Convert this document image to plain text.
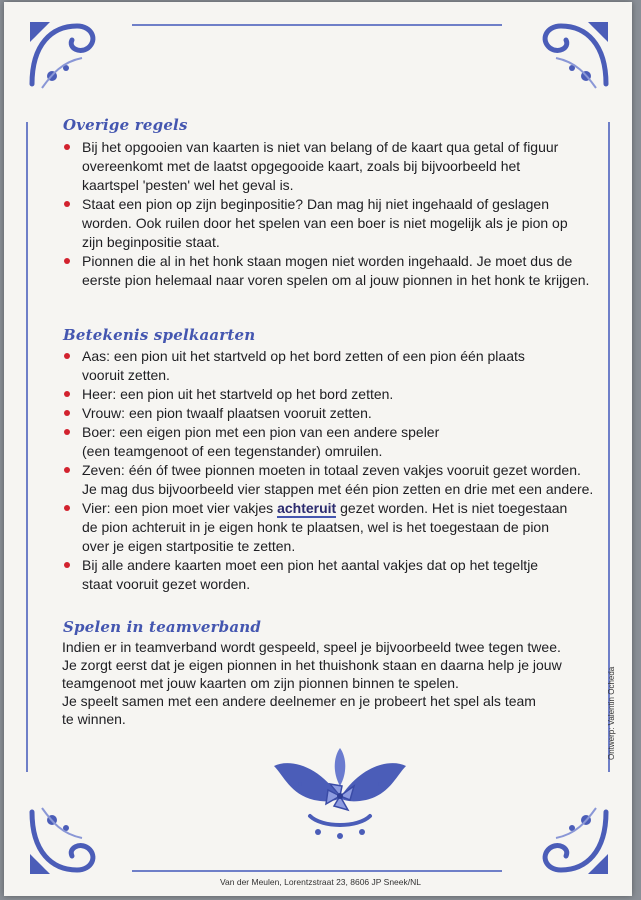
Overige regels
Bij het opgooien van kaarten is niet van belang of de kaart qua getal of figuur
overeenkomt met de laatst opgegooide kaart, zoals bij bijvoorbeeld het
kaartspel 'pesten' wel het geval is.
Staat een pion op zijn beginpositie? Dan mag hij niet ingehaald of geslagen
worden. Ook ruilen door het spelen van een boer is niet mogelijk als je pion op
zijn beginpositie staat.
Pionnen die al in het honk staan mogen niet worden ingehaald. Je moet dus de
eerste pion helemaal naar voren spelen om al jouw pionnen in het honk te krijgen.
Betekenis spelkaarten
Aas: een pion uit het startveld op het bord zetten of een pion één plaats
vooruit zetten.
Heer: een pion uit het startveld op het bord zetten.
Vrouw: een pion twaalf plaatsen vooruit zetten.
Boer: een eigen pion met een pion van een andere speler
(een teamgenoot of een tegenstander) omruilen.
Zeven: één óf twee pionnen moeten in totaal zeven vakjes vooruit gezet worden.
Je mag dus bijvoorbeeld vier stappen met één pion zetten en drie met een andere.
Vier: een pion moet vier vakjes achteruit gezet worden. Het is niet toegestaan
de pion achteruit in je eigen honk te plaatsen, wel is het toegestaan de pion
over je eigen startpositie te zetten.
Bij alle andere kaarten moet een pion het aantal vakjes dat op het tegeltje
staat vooruit gezet worden.
Spelen in teamverband

Indien er in teamverband wordt gespeeld, speel je bijvoorbeeld twee tegen twee.
Je zorgt eerst dat je eigen pionnen in het thuishonk staan en daarna help je jouw
teamgenoot met jouw kaarten om zijn pionnen binnen te spelen.
Je speelt samen met een andere deelnemer en je probeert het spel als team
te winnen.	Ontwerp: Valentin Ocheda
Van der Meulen, Lorentzstraat 23, 8606 JP Sneek/NL
